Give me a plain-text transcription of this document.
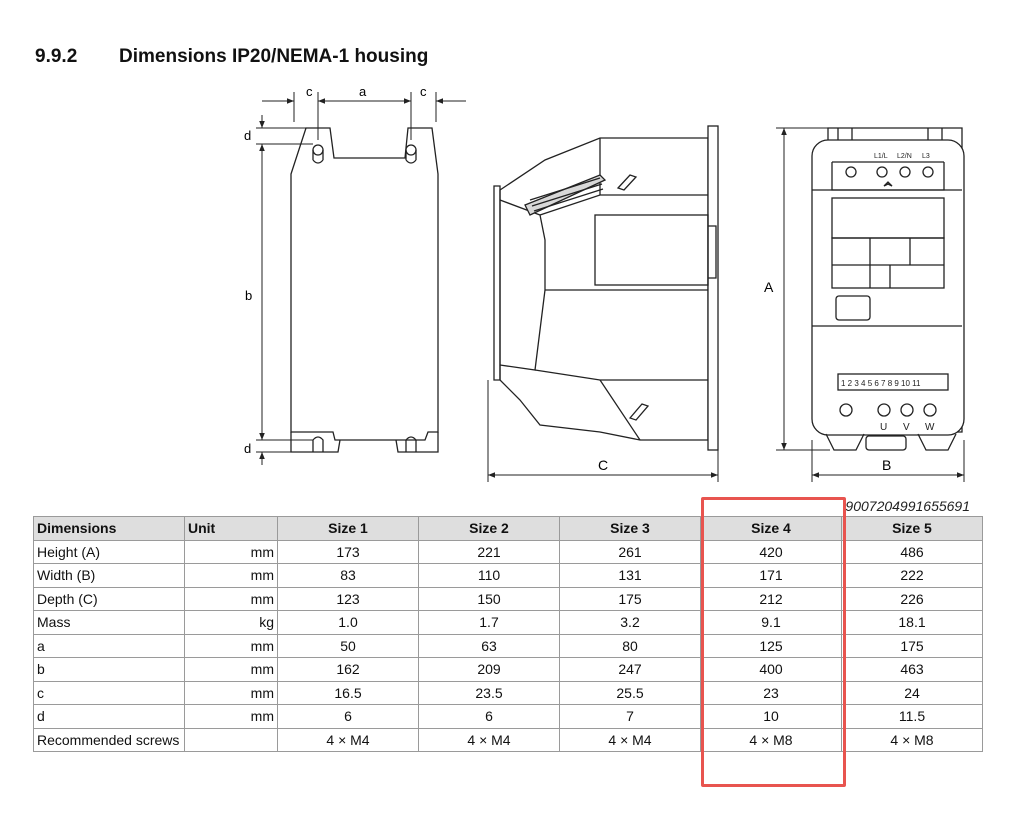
9.9.2 Dimensions IP20/NEMA-1 housing
c	a	c
d
b
d
C
L1/L L2/N L3
1 2 3 4 5 6 7 8 9 10 11
U V W
A
B
9007204991655691
Dimensions	Unit	Size 1	Size 2	Size 3	Size 4	Size 5
Height (A)	mm	173	221	261	420	486
Width (B)	mm	83	110	131	171	222
Depth (C)	mm	123	150	175	212	226
Mass	kg	1.0	1.7	3.2	9.1	18.1
a	mm	50	63	80	125	175
b	mm	162	209	247	400	463
c	mm	16.5	23.5	25.5	23	24
d	mm	6	6	7	10	11.5
Recommended screws		4 × M4	4 × M4	4 × M4	4 × M8	4 × M8
